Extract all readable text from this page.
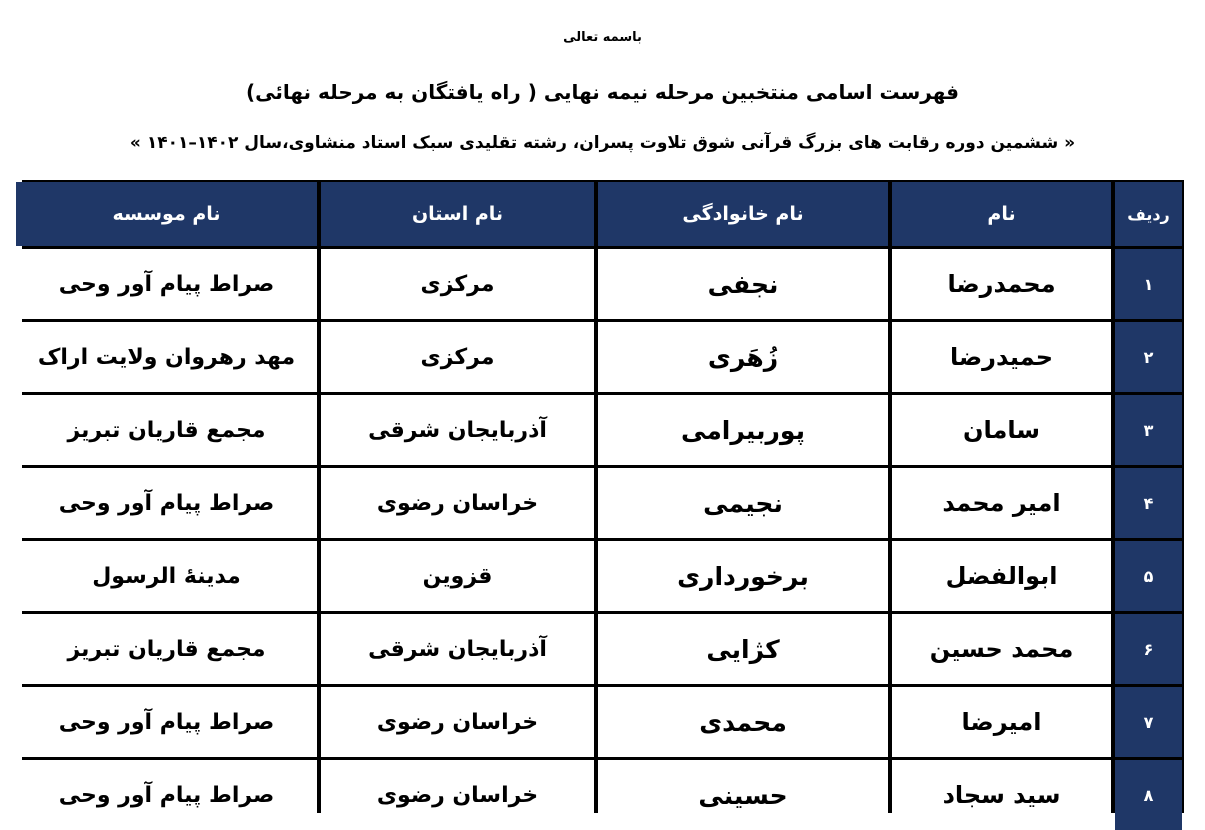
باسمه تعالی
فهرست اسامی منتخبین مرحله نیمه نهایی ( راه یافتگان به مرحله نهائی)
« ششمین دوره رقابت های بزرگ قرآنی شوق تلاوت پسران، رشته تقلیدی سبک استاد منشاوی،سال ۱۴۰۲–۱۴۰۱ »
ردیف
نام
نام خانوادگی
نام استان
نام موسسه
۱
محمدرضا
نجفی
مرکزی
صراط پیام آور وحی
۲
حمیدرضا
زُهَری
مرکزی
مهد رهروان ولایت اراک
۳
سامان
پوربیرامی
آذربایجان شرقی
مجمع قاریان تبریز
۴
امیر محمد
نجیمی
خراسان رضوی
صراط پیام آور وحی
۵
ابوالفضل
برخورداری
قزوین
مدینهٔ الرسول
۶
محمد حسین
کژایی
آذربایجان شرقی
مجمع قاریان تبریز
۷
امیرضا
محمدی
خراسان رضوی
صراط پیام آور وحی
۸
سید سجاد
حسینی
خراسان رضوی
صراط پیام آور وحی
